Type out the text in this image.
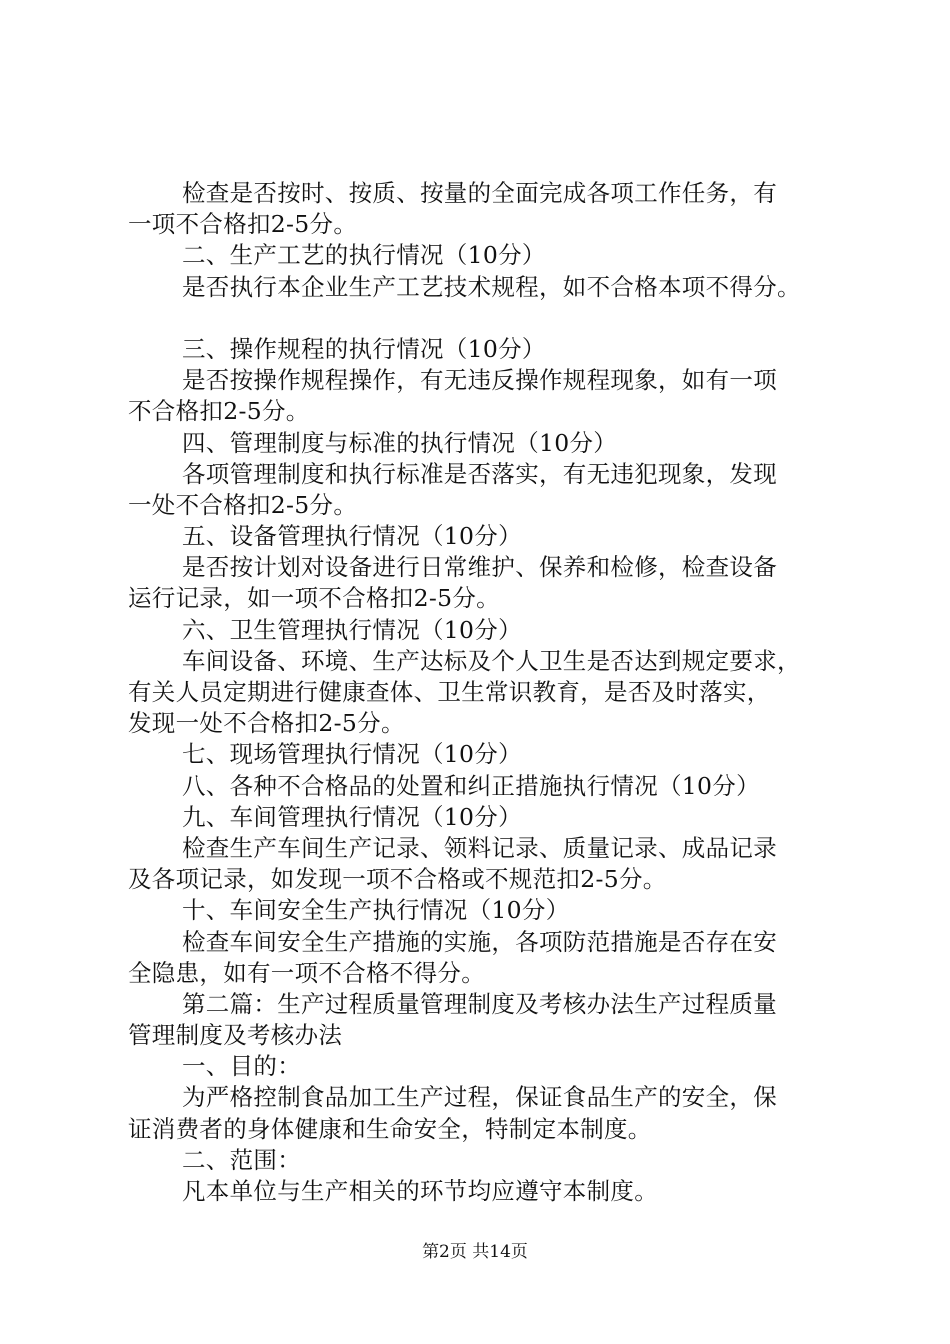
检查是否按时、按质、按量的全面完成各项工作任务，有
一项不合格扣2-5分。
二、生产工艺的执行情况（10分）
是否执行本企业生产工艺技术规程，如不合格本项不得分。
三、操作规程的执行情况（10分）
是否按操作规程操作，有无违反操作规程现象，如有一项
不合格扣2-5分。
四、管理制度与标准的执行情况（10分）
各项管理制度和执行标准是否落实，有无违犯现象，发现
一处不合格扣2-5分。
五、设备管理执行情况（10分）
是否按计划对设备进行日常维护、保养和检修，检查设备
运行记录，如一项不合格扣2-5分。
六、卫生管理执行情况（10分）
车间设备、环境、生产达标及个人卫生是否达到规定要求，
有关人员定期进行健康查体、卫生常识教育，是否及时落实，
发现一处不合格扣2-5分。
七、现场管理执行情况（10分）
八、各种不合格品的处置和纠正措施执行情况（10分）
九、车间管理执行情况（10分）
检查生产车间生产记录、领料记录、质量记录、成品记录
及各项记录，如发现一项不合格或不规范扣2-5分。
十、车间安全生产执行情况（10分）
检查车间安全生产措施的实施，各项防范措施是否存在安
全隐患，如有一项不合格不得分。
第二篇：生产过程质量管理制度及考核办法生产过程质量
管理制度及考核办法
一、目的：
为严格控制食品加工生产过程，保证食品生产的安全，保
证消费者的身体健康和生命安全，特制定本制度。
二、范围：
凡本单位与生产相关的环节均应遵守本制度。
第2页 共14页
